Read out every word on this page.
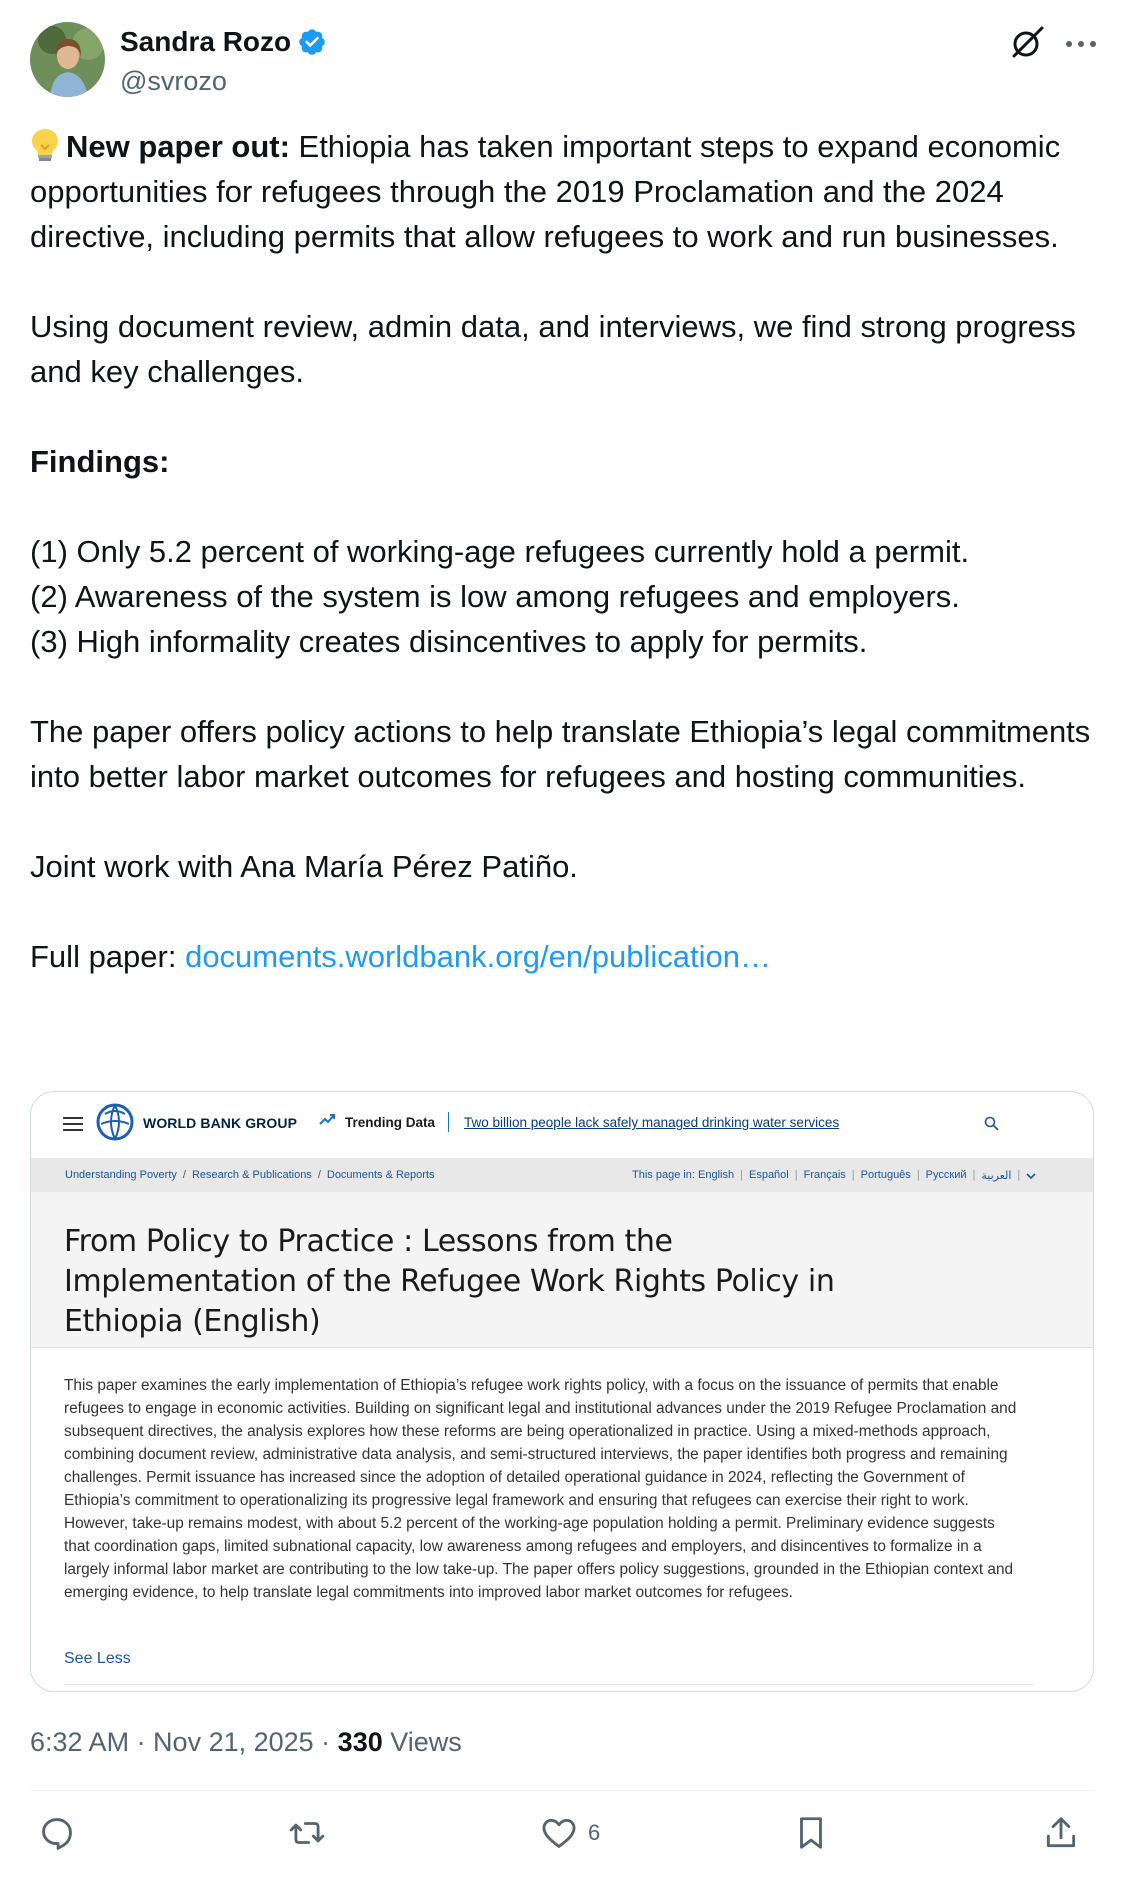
Sandra Rozo
@svrozo

New paper out: Ethiopia has taken important steps to expand economic opportunities for refugees through the 2019 Proclamation and the 2024 directive, including permits that allow refugees to work and run businesses.

Using document review, admin data, and interviews, we find strong progress and key challenges.

Findings:

(1) Only 5.2 percent of working-age refugees currently hold a permit.

(2) Awareness of the system is low among refugees and employers.

(3) High informality creates disincentives to apply for permits.

The paper offers policy actions to help translate Ethiopia’s legal commitments into better labor market outcomes for refugees and hosting communities.

Joint work with Ana María Pérez Patiño.

Full paper: documents.worldbank.org/en/publication…

WORLD BANK GROUP	Trending Data Two billion people lack safely managed drinking water services
Understanding Poverty / Research & Publications / Documents & Reports	This page in: English | Español | Français | Português | Русский | العربية |
From Policy to Practice : Lessons from the Implementation of the Refugee Work Rights Policy in Ethiopia (English)
This paper examines the early implementation of Ethiopia’s refugee work rights policy, with a focus on the issuance of permits that enable refugees to engage in economic activities. Building on significant legal and institutional advances under the 2019 Refugee Proclamation and subsequent directives, the analysis explores how these reforms are being operationalized in practice. Using a mixed-methods approach, combining document review, administrative data analysis, and semi-structured interviews, the paper identifies both progress and remaining challenges. Permit issuance has increased since the adoption of detailed operational guidance in 2024, reflecting the Government of Ethiopia’s commitment to operationalizing its progressive legal framework and ensuring that refugees can exercise their right to work. However, take-up remains modest, with about 5.2 percent of the working-age population holding a permit. Preliminary evidence suggests that coordination gaps, limited subnational capacity, low awareness among refugees and employers, and disincentives to formalize in a largely informal labor market are contributing to the low take-up. The paper offers policy suggestions, grounded in the Ethiopian context and emerging evidence, to help translate legal commitments into improved labor market outcomes for refugees.
See Less
6:32 AM · Nov 21, 2025 · 330 Views
6
